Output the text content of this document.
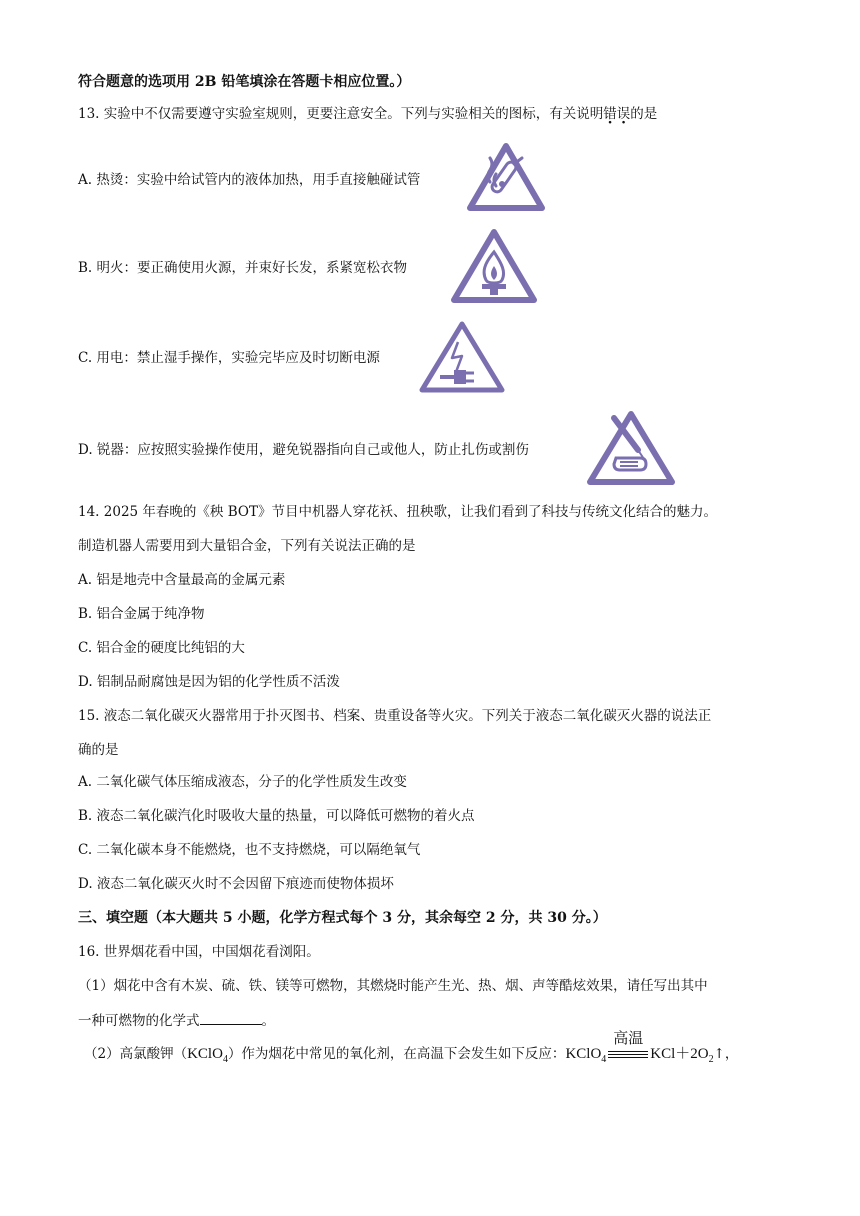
符合题意的选项用 2B 铅笔填涂在答题卡相应位置。）
13. 实验中不仅需要遵守实验室规则，更要注意安全。下列与实验相关的图标，有关说明错误的是
A. 热烫：实验中给试管内的液体加热，用手直接触碰试管
B. 明火：要正确使用火源，并束好长发，系紧宽松衣物
C. 用电：禁止湿手操作，实验完毕应及时切断电源
D. 锐器：应按照实验操作使用，避免锐器指向自己或他人，防止扎伤或割伤
14. 2025 年春晚的《秧 BOT》节目中机器人穿花袄、扭秧歌，让我们看到了科技与传统文化结合的魅力。
制造机器人需要用到大量铝合金，下列有关说法正确的是
A. 铝是地壳中含量最高的金属元素
B. 铝合金属于纯净物
C. 铝合金的硬度比纯铝的大
D. 铝制品耐腐蚀是因为铝的化学性质不活泼
15. 液态二氧化碳灭火器常用于扑灭图书、档案、贵重设备等火灾。下列关于液态二氧化碳灭火器的说法正
确的是
A. 二氧化碳气体压缩成液态，分子的化学性质发生改变
B. 液态二氧化碳汽化时吸收大量的热量，可以降低可燃物的着火点
C. 二氧化碳本身不能燃烧，也不支持燃烧，可以隔绝氧气
D. 液态二氧化碳灭火时不会因留下痕迹而使物体损坏
三、填空题（本大题共 5 小题，化学方程式每个 3 分，其余每空 2 分，共 30 分。）
16. 世界烟花看中国，中国烟花看浏阳。
（1）烟花中含有木炭、硫、铁、镁等可燃物，其燃烧时能产生光、热、烟、声等酷炫效果，请任写出其中
一种可燃物的化学式	。
（2）高氯酸钾（KClO$_4$）作为烟花中常见的氧化剂，在高温下会发生如下反应：KClO$_4$
高温
$KCl+2O_2↑$，
